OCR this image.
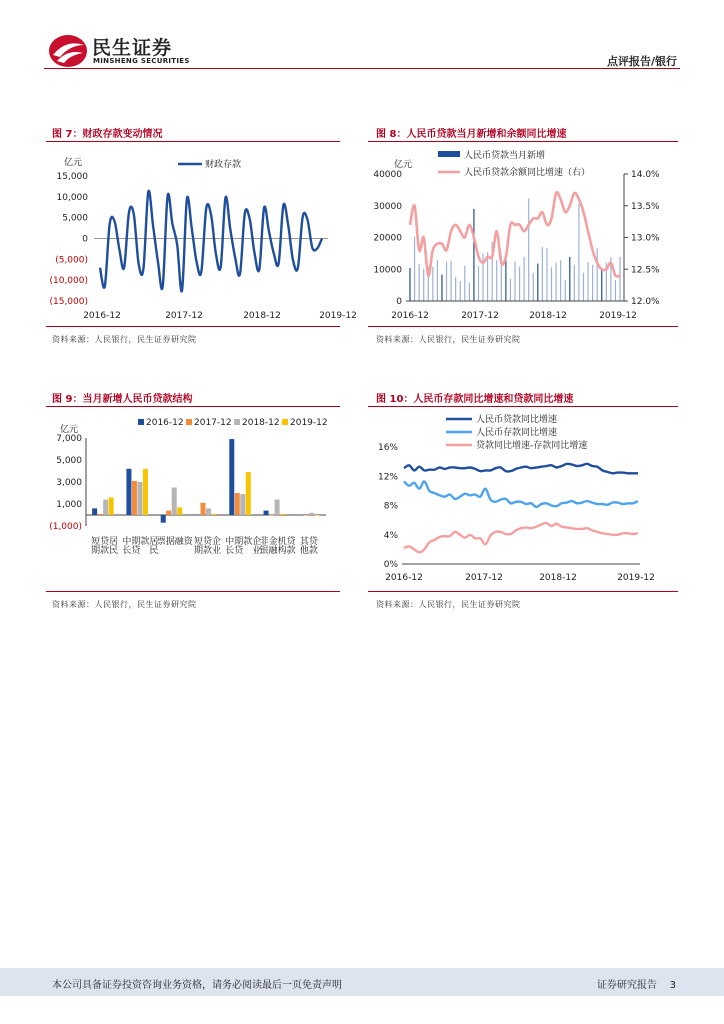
民生证券
MINSHENG SECURITIES	点评报告/银行
图 7：财政存款变动情况	图 8：人民币贷款当月新增和余额同比增速
亿元
15,000
10,000
5,000
0
(5,000)
(10,000)
(15,000)
2016-12	2017-12	2018-12	2019-12
财政存款	亿元
40000
30000
20000
10000
0
14.0%
13.5%
13.0%
12.5%
12.0%
2016-12	2017-12	2018-12	2019-12
人民币贷款当月新增
人民币贷款余额同比增速（右）
资料来源：人民银行，民生证券研究院	资料来源：人民银行，民生证券研究院
图 9：当月新增人民币贷款结构	图 10：人民币存款同比增速和贷款同比增速
亿元
7,000
5,000
3,000
1,000
(1,000)
短期 贷款 居民 中长 期贷 款 居民
票 据
融 资 短期 贷款 企业 中长 期贷 款 企业
非银 金融 机构 贷款 其他 贷款
2016-12 2017-12 2018-12 2019-12
16%
12%
8%
4%
0%
2016-12	2017-12	2018-12	2019-12
人民币贷款同比增速
人民币存款同比增速
贷款同比增速-存款同比增速
资料来源：人民银行，民生证券研究院	资料来源：人民银行，民生证券研究院
本公司具备证券投资咨询业务资格，请务必阅读最后一页免责声明	证券研究报告 3
